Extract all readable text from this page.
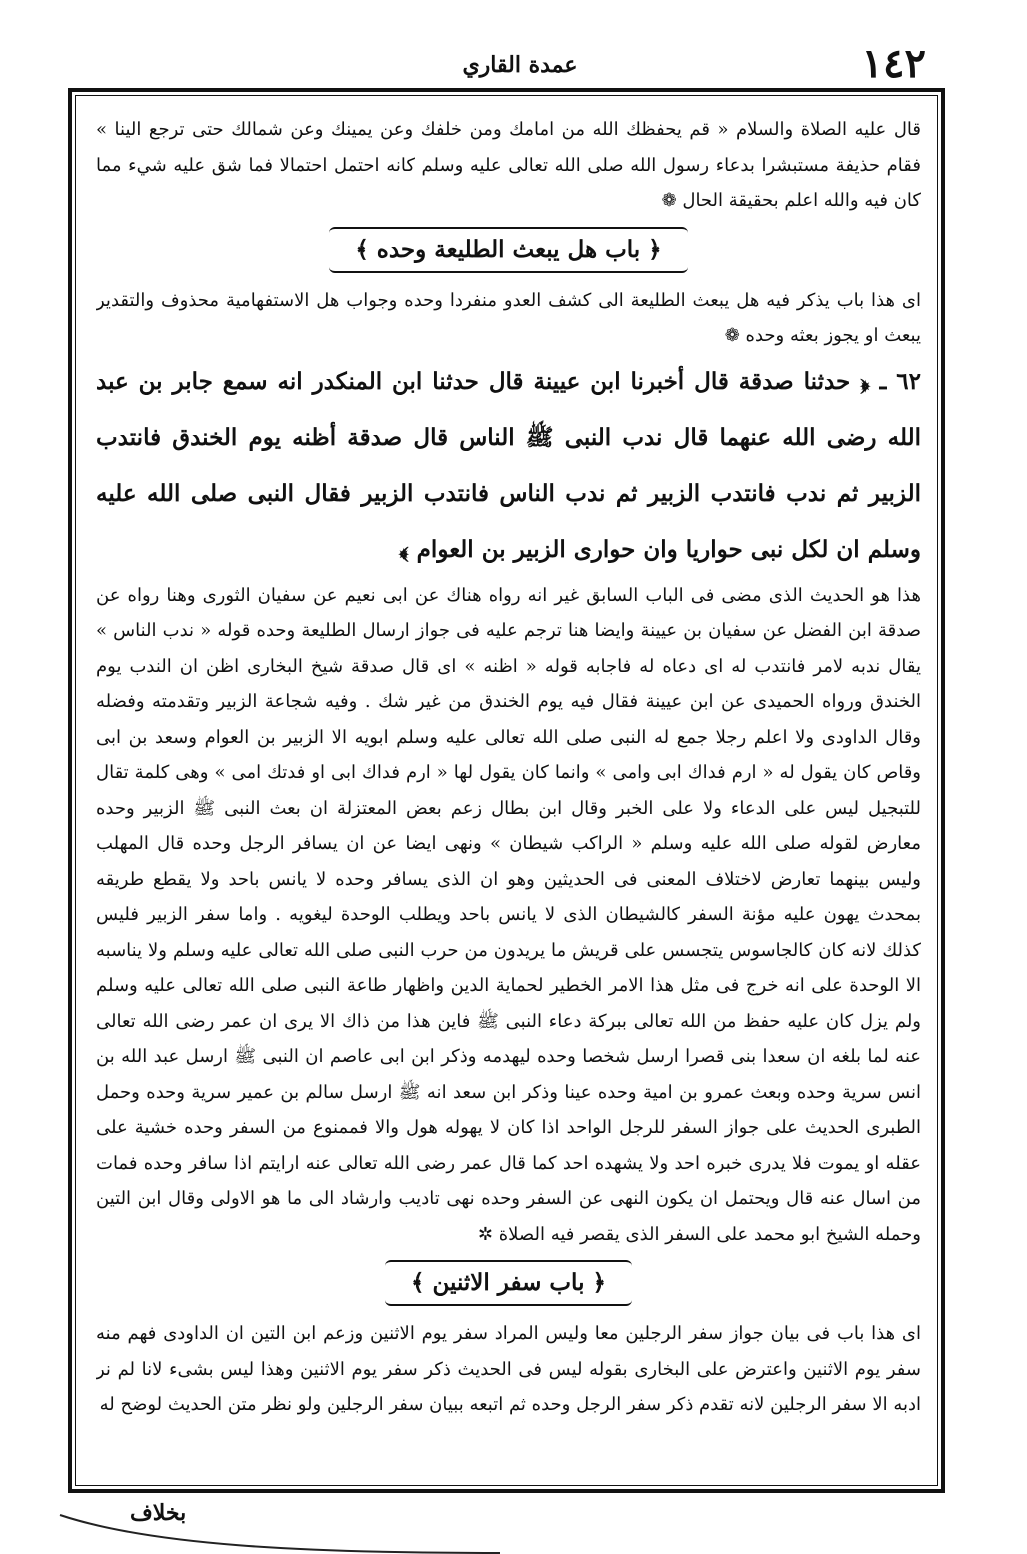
عمدة القاري	١٤٢

قال عليه الصلاة والسلام « قم يحفظك الله من امامك ومن خلفك وعن يمينك وعن شمالك حتى ترجع الينا » فقام حذيفة مستبشرا بدعاء رسول الله صلى الله تعالى عليه وسلم كانه احتمل احتمالا فما شق عليه شيء مما كان فيه والله اعلم بحقيقة الحال ❁

﴿ باب هل يبعث الطليعة وحده ﴾

اى هذا باب يذكر فيه هل يبعث الطليعة الى كشف العدو منفردا وحده وجواب هل الاستفهامية محذوف والتقدير يبعث او يجوز بعثه وحده ❁

٦٢ ـ ﴿ حدثنا صدقة قال أخبرنا ابن عيينة قال حدثنا ابن المنكدر انه سمع جابر بن عبد الله رضى الله عنهما قال ندب النبى ﷺ الناس قال صدقة أظنه يوم الخندق فانتدب الزبير ثم ندب فانتدب الزبير ثم ندب الناس فانتدب الزبير فقال النبى صلى الله عليه وسلم ان لكل نبى حواريا وان حوارى الزبير بن العوام ﴾

هذا هو الحديث الذى مضى فى الباب السابق غير انه رواه هناك عن ابى نعيم عن سفيان الثورى وهنا رواه عن صدقة ابن الفضل عن سفيان بن عيينة وايضا هنا ترجم عليه فى جواز ارسال الطليعة وحده قوله « ندب الناس » يقال ندبه لامر فانتدب له اى دعاه له فاجابه قوله « اظنه » اى قال صدقة شيخ البخارى اظن ان الندب يوم الخندق ورواه الحميدى عن ابن عيينة فقال فيه يوم الخندق من غير شك . وفيه شجاعة الزبير وتقدمته وفضله وقال الداودى ولا اعلم رجلا جمع له النبى صلى الله تعالى عليه وسلم ابويه الا الزبير بن العوام وسعد بن ابى وقاص كان يقول له « ارم فداك ابى وامى » وانما كان يقول لها « ارم فداك ابى او فدتك امى » وهى كلمة تقال للتبجيل ليس على الدعاء ولا على الخبر وقال ابن بطال زعم بعض المعتزلة ان بعث النبى ﷺ الزبير وحده معارض لقوله صلى الله عليه وسلم « الراكب شيطان » ونهى ايضا عن ان يسافر الرجل وحده قال المهلب وليس بينهما تعارض لاختلاف المعنى فى الحديثين وهو ان الذى يسافر وحده لا يانس باحد ولا يقطع طريقه بمحدث يهون عليه مؤنة السفر كالشيطان الذى لا يانس باحد ويطلب الوحدة ليغويه . واما سفر الزبير فليس كذلك لانه كان كالجاسوس يتجسس على قريش ما يريدون من حرب النبى صلى الله تعالى عليه وسلم ولا يناسبه الا الوحدة على انه خرج فى مثل هذا الامر الخطير لحماية الدين واظهار طاعة النبى صلى الله تعالى عليه وسلم ولم يزل كان عليه حفظ من الله تعالى ببركة دعاء النبى ﷺ فاين هذا من ذاك الا يرى ان عمر رضى الله تعالى عنه لما بلغه ان سعدا بنى قصرا ارسل شخصا وحده ليهدمه وذكر ابن ابى عاصم ان النبى ﷺ ارسل عبد الله بن انس سرية وحده وبعث عمرو بن امية وحده عينا وذكر ابن سعد انه ﷺ ارسل سالم بن عمير سرية وحده وحمل الطبرى الحديث على جواز السفر للرجل الواحد اذا كان لا يهوله هول والا فممنوع من السفر وحده خشية على عقله او يموت فلا يدرى خبره احد ولا يشهده احد كما قال عمر رضى الله تعالى عنه ارايتم اذا سافر وحده فمات من اسال عنه قال ويحتمل ان يكون النهى عن السفر وحده نهى تاديب وارشاد الى ما هو الاولى وقال ابن التين وحمله الشيخ ابو محمد على السفر الذى يقصر فيه الصلاة ✲

﴿ باب سفر الاثنين ﴾

اى هذا باب فى بيان جواز سفر الرجلين معا وليس المراد سفر يوم الاثنين وزعم ابن التين ان الداودى فهم منه سفر يوم الاثنين واعترض على البخارى بقوله ليس فى الحديث ذكر سفر يوم الاثنين وهذا ليس بشىء لانا لم نر ادبه الا سفر الرجلين لانه تقدم ذكر سفر الرجل وحده ثم اتبعه ببيان سفر الرجلين ولو نظر متن الحديث لوضح له

بخلاف
